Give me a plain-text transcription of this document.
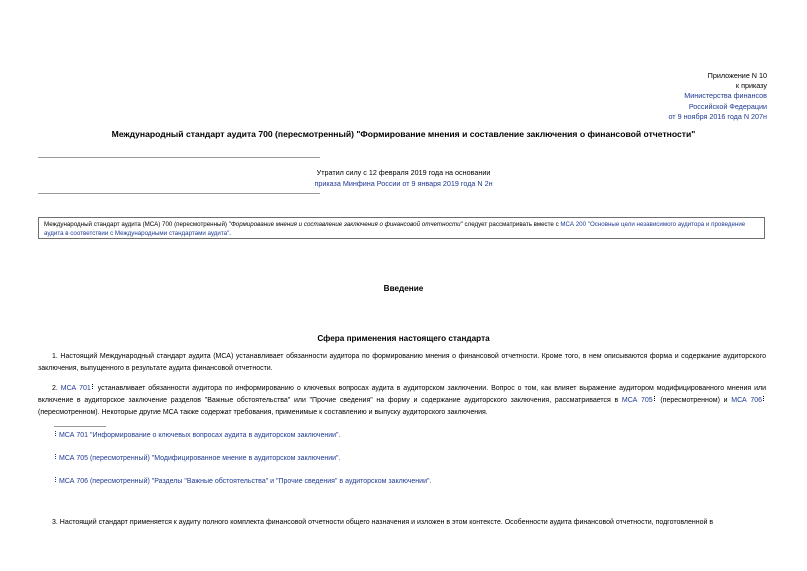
Приложение N 10
к приказу
Министерства финансов
Российской Федерации
от 9 ноября 2016 года N 207н
Международный стандарт аудита 700 (пересмотренный) "Формирование мнения и составление заключения о финансовой отчетности"
Утратил силу с 12 февраля 2019 года на основании
приказа Минфина России от 9 января 2019 года N 2н
Международный стандарт аудита (МСА) 700 (пересмотренный) "Формирование мнения и составление заключения о финансовой отчетности" следует рассматривать вместе с МСА 200 "Основные цели независимого аудитора и проведение аудита в соответствии с Международными стандартами аудита".
Введение
Сфера применения настоящего стандарта
1. Настоящий Международный стандарт аудита (МСА) устанавливает обязанности аудитора по формированию мнения о финансовой отчетности. Кроме того, в нем описываются форма и содержание аудиторского заключения, выпущенного в результате аудита финансовой отчетности.
2. МСА 701 устанавливает обязанности аудитора по информированию о ключевых вопросах аудита в аудиторском заключении. Вопрос о том, как влияет выражение аудитором модифицированного мнения или включение в аудиторское заключение разделов "Важные обстоятельства" или "Прочие сведения" на форму и содержание аудиторского заключения, рассматривается в МСА 705 (пересмотренном) и МСА 706 (пересмотренном). Некоторые другие МСА также содержат требования, применимые к составлению и выпуску аудиторского заключения.
МСА 701 "Информирование о ключевых вопросах аудита в аудиторском заключении".
МСА 705 (пересмотренный) "Модифицированное мнение в аудиторском заключении".
МСА 706 (пересмотренный) "Разделы "Важные обстоятельства" и "Прочие сведения" в аудиторском заключении".
3. Настоящий стандарт применяется к аудиту полного комплекта финансовой отчетности общего назначения и изложен в этом контексте. Особенности аудита финансовой отчетности, подготовленной в
